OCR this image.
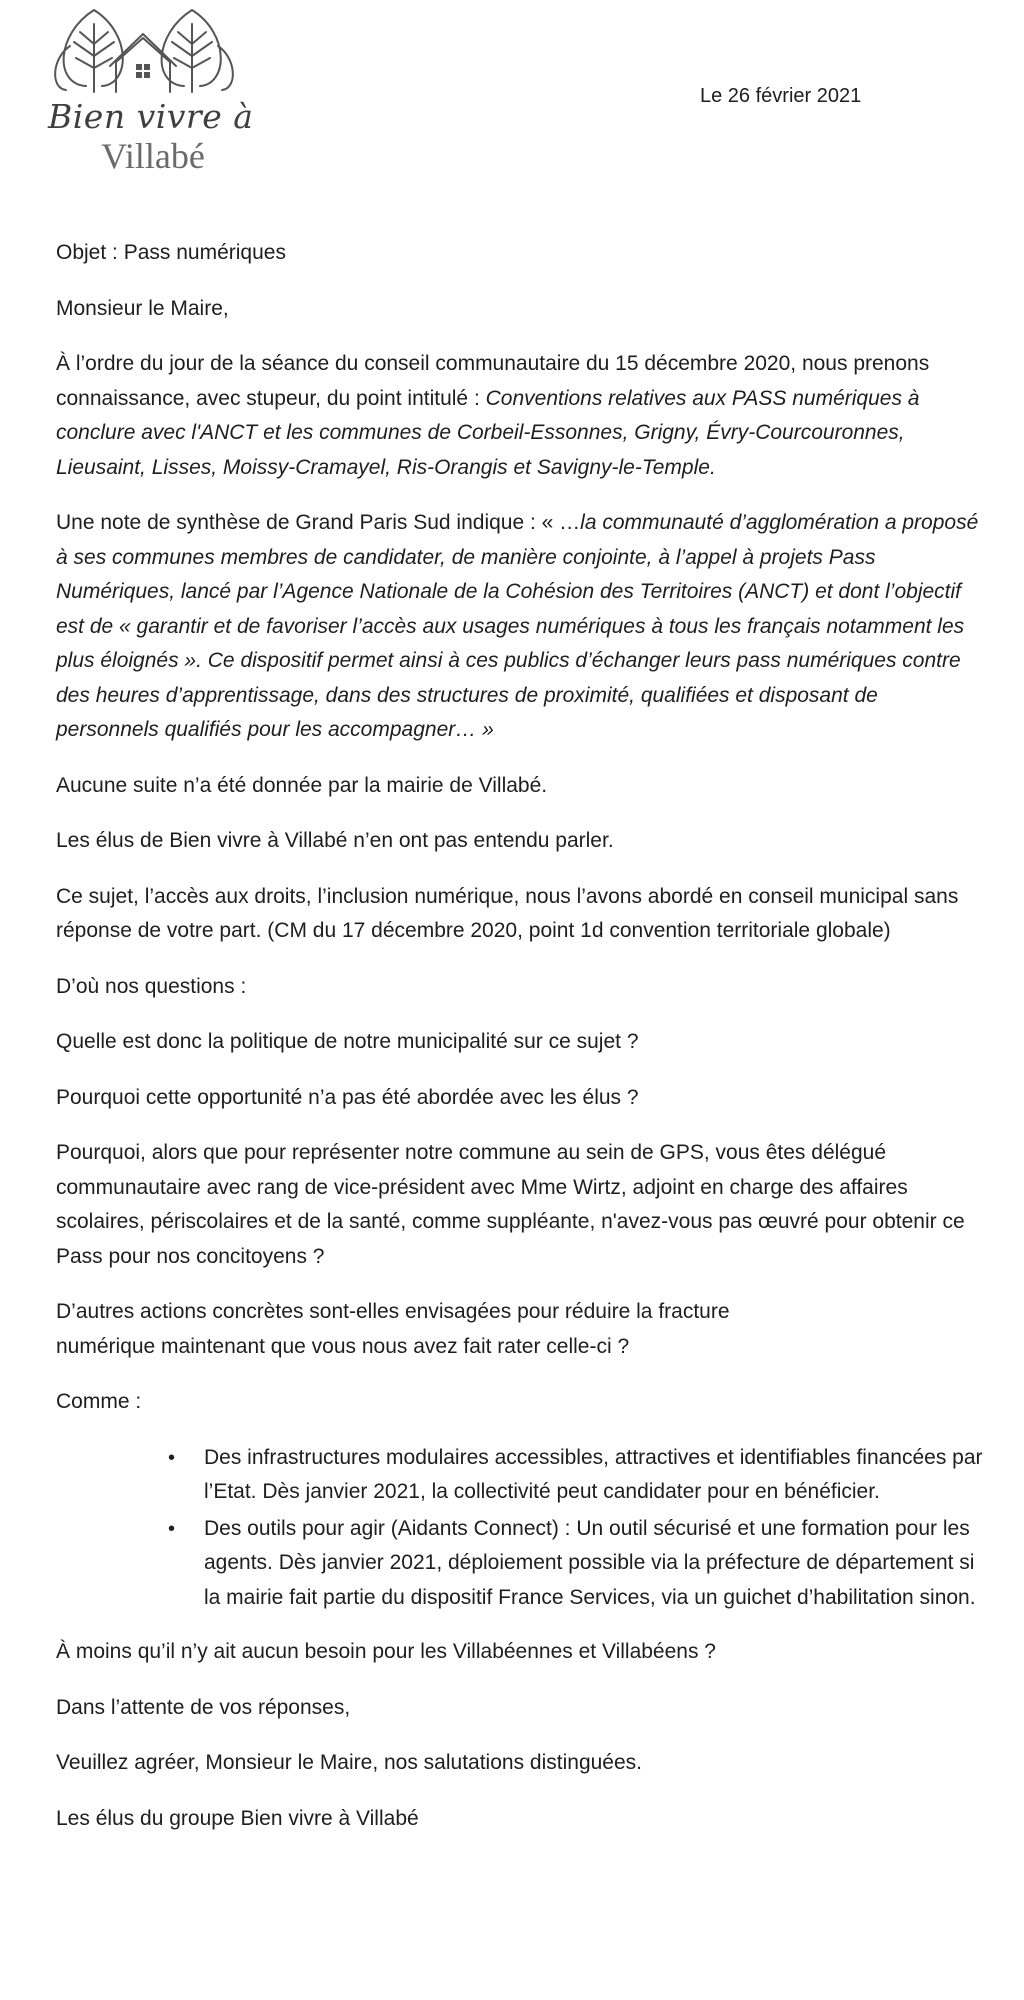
Bien vivre à
Villabé
Le 26 février 2021

Objet : Pass numériques

Monsieur le Maire,

À l’ordre du jour de la séance du conseil communautaire du 15 décembre 2020, nous prenons connaissance, avec stupeur, du point intitulé : Conventions relatives aux PASS numériques à conclure avec l'ANCT et les communes de Corbeil-Essonnes, Grigny, Évry-Courcouronnes, Lieusaint, Lisses, Moissy-Cramayel, Ris-Orangis et Savigny-le-Temple.

Une note de synthèse de Grand Paris Sud indique : « …la communauté d’agglomération a proposé à ses communes membres de candidater, de manière conjointe, à l’appel à projets Pass Numériques, lancé par l’Agence Nationale de la Cohésion des Territoires (ANCT) et dont l’objectif est de « garantir et de favoriser l’accès aux usages numériques à tous les français notamment les plus éloignés ». Ce dispositif permet ainsi à ces publics d’échanger leurs pass numériques contre des heures d’apprentissage, dans des structures de proximité, qualifiées et disposant de personnels qualifiés pour les accompagner… »

Aucune suite n’a été donnée par la mairie de Villabé.

Les élus de Bien vivre à Villabé n’en ont pas entendu parler.

Ce sujet, l’accès aux droits, l’inclusion numérique, nous l’avons abordé en conseil municipal sans réponse de votre part. (CM du 17 décembre 2020, point 1d convention territoriale globale)

D’où nos questions :

Quelle est donc la politique de notre municipalité sur ce sujet ?

Pourquoi cette opportunité n’a pas été abordée avec les élus ?

Pourquoi, alors que pour représenter notre commune au sein de GPS, vous êtes délégué communautaire avec rang de vice-président avec Mme Wirtz, adjoint en charge des affaires scolaires, périscolaires et de la santé, comme suppléante, n'avez-vous pas œuvré pour obtenir ce Pass pour nos concitoyens ?

D’autres actions concrètes sont-elles envisagées pour réduire la fracture
numérique maintenant que vous nous avez fait rater celle-ci ?

Comme :

• Des infrastructures modulaires accessibles, attractives et identifiables financées par l’Etat. Dès janvier 2021, la collectivité peut candidater pour en bénéficier.
• Des outils pour agir (Aidants Connect) : Un outil sécurisé et une formation pour les agents. Dès janvier 2021, déploiement possible via la préfecture de département si la mairie fait partie du dispositif France Services, via un guichet d’habilitation sinon.

À moins qu’il n’y ait aucun besoin pour les Villabéennes et Villabéens ?

Dans l’attente de vos réponses,

Veuillez agréer, Monsieur le Maire, nos salutations distinguées.

Les élus du groupe Bien vivre à Villabé
